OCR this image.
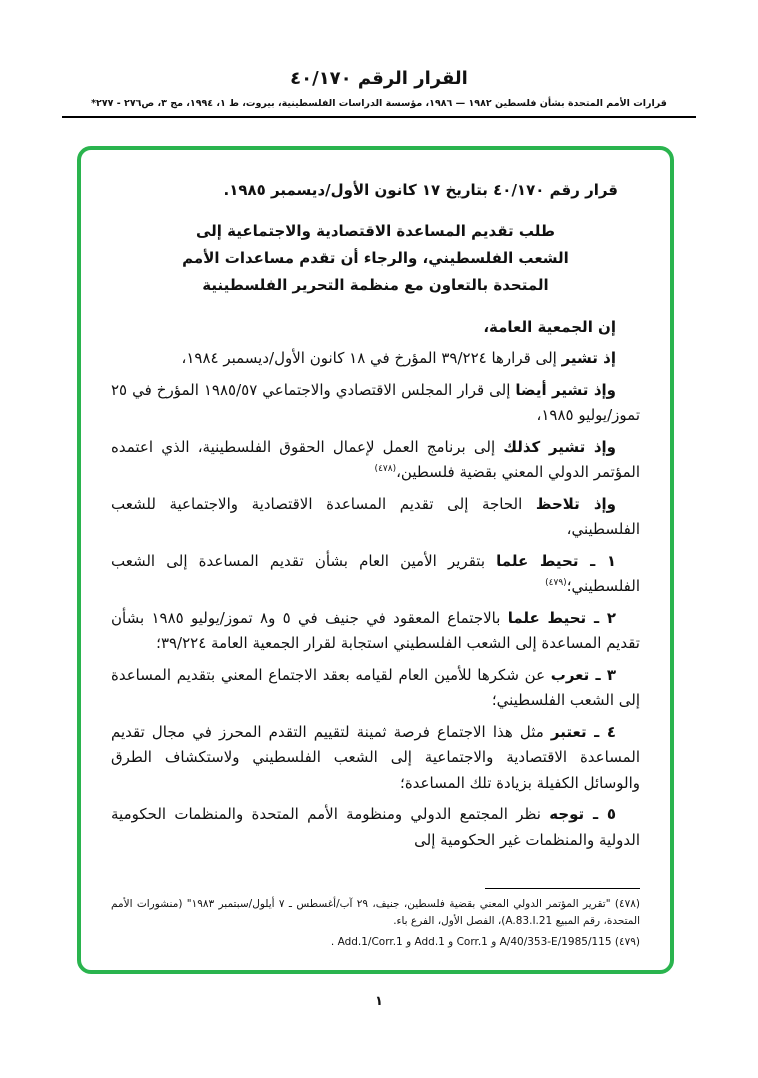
القرار الرقم ٤٠/١٧٠
قرارات الأمم المتحدة بشأن فلسطين ١٩٨٢ — ١٩٨٦، مؤسسة الدراسات الفلسطينية، بيروت، ط ١، ١٩٩٤، مج ٣، ص٢٧٦ - ٢٧٧*

قرار رقم ٤٠/١٧٠ بتاريخ ١٧ كانون الأول/ديسمبر ١٩٨٥.

طلب تقديم المساعدة الاقتصادية والاجتماعية إلى الشعب الفلسطيني، والرجاء أن تقدم مساعدات الأمم المتحدة بالتعاون مع منظمة التحرير الفلسطينية

إن الجمعية العامة،

إذ تشير إلى قرارها ٣٩/٢٢٤ المؤرخ في ١٨ كانون الأول/ديسمبر ١٩٨٤،

وإذ تشير أيضا إلى قرار المجلس الاقتصادي والاجتماعي ١٩٨٥/٥٧ المؤرخ في ٢٥ تموز/يوليو ١٩٨٥،

وإذ تشير كذلك إلى برنامج العمل لإعمال الحقوق الفلسطينية، الذي اعتمده المؤتمر الدولي المعني بقضية فلسطين،$^{(٤٧٨)}$

وإذ تلاحظ الحاجة إلى تقديم المساعدة الاقتصادية والاجتماعية للشعب الفلسطيني،

١ ـ تحيط علما بتقرير الأمين العام بشأن تقديم المساعدة إلى الشعب الفلسطيني؛$^{(٤٧٩)}$

٢ ـ تحيط علما بالاجتماع المعقود في جنيف في ٥ و٨ تموز/يوليو ١٩٨٥ بشأن تقديم المساعدة إلى الشعب الفلسطيني استجابة لقرار الجمعية العامة ٣٩/٢٢٤؛

٣ ـ تعرب عن شكرها للأمين العام لقيامه بعقد الاجتماع المعني بتقديم المساعدة إلى الشعب الفلسطيني؛

٤ ـ تعتبر مثل هذا الاجتماع فرصة ثمينة لتقييم التقدم المحرز في مجال تقديم المساعدة الاقتصادية والاجتماعية إلى الشعب الفلسطيني ولاستكشاف الطرق والوسائل الكفيلة بزيادة تلك المساعدة؛

٥ ـ توجه نظر المجتمع الدولي ومنظومة الأمم المتحدة والمنظمات الحكومية الدولية والمنظمات غير الحكومية إلى

(٤٧٨) "تقرير المؤتمر الدولي المعني بقضية فلسطين، جنيف، ٢٩ آب/أغسطس ـ ٧ أيلول/سبتمبر ١٩٨٣" (منشورات الأمم المتحدة، رقم المبيع A.83.I.21)، الفصل الأول، الفرع باء.

(٤٧٩) A/40/353-E/1985/115 و Corr.1 و Add.1 و Add.1/Corr.1 .

١
